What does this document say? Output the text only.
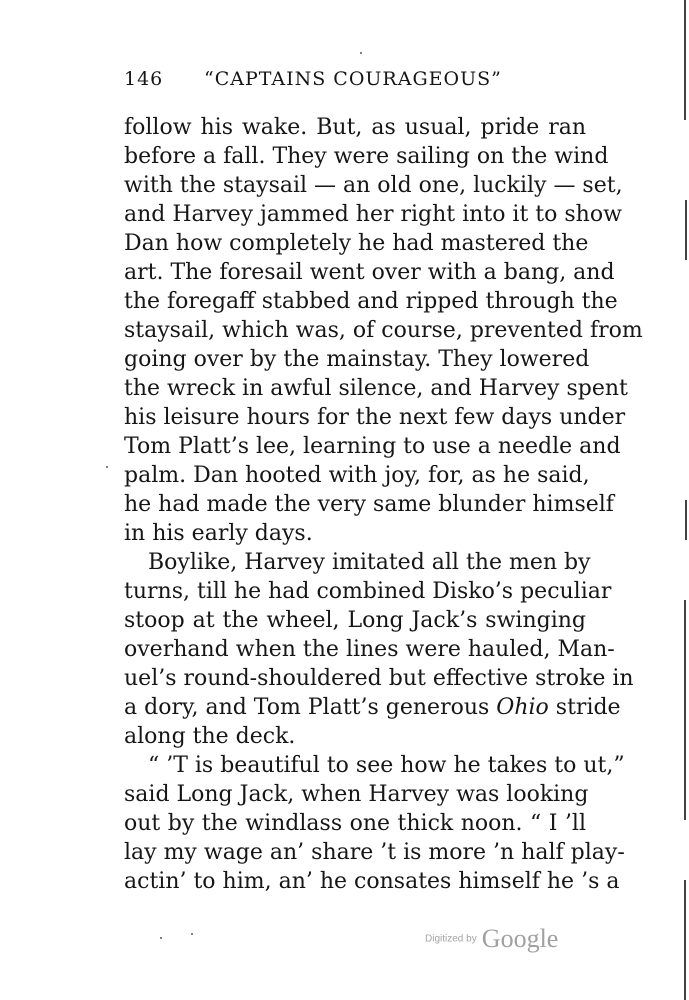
146 “CAPTAINS COURAGEOUS”
follow his wake. But, as usual, pride ran
before a fall. They were sailing on the wind
with the staysail — an old one, luckily — set,
and Harvey jammed her right into it to show
Dan how completely he had mastered the
art. The foresail went over with a bang, and
the foregaff stabbed and ripped through the
staysail, which was, of course, prevented from
going over by the mainstay. They lowered
the wreck in awful silence, and Harvey spent
his leisure hours for the next few days under
Tom Platt’s lee, learning to use a needle and
palm. Dan hooted with joy, for, as he said,
he had made the very same blunder himself
in his early days.
Boylike, Harvey imitated all the men by
turns, till he had combined Disko’s peculiar
stoop at the wheel, Long Jack’s swinging
overhand when the lines were hauled, Man-
uel’s round-shouldered but effective stroke in
a dory, and Tom Platt’s generous Ohio stride
along the deck.
“ ’T is beautiful to see how he takes to ut,”
said Long Jack, when Harvey was looking
out by the windlass one thick noon. “ I ’ll
lay my wage an’ share ’t is more ’n half play-
actin’ to him, an’ he consates himself he ’s a
Digitized by Google
